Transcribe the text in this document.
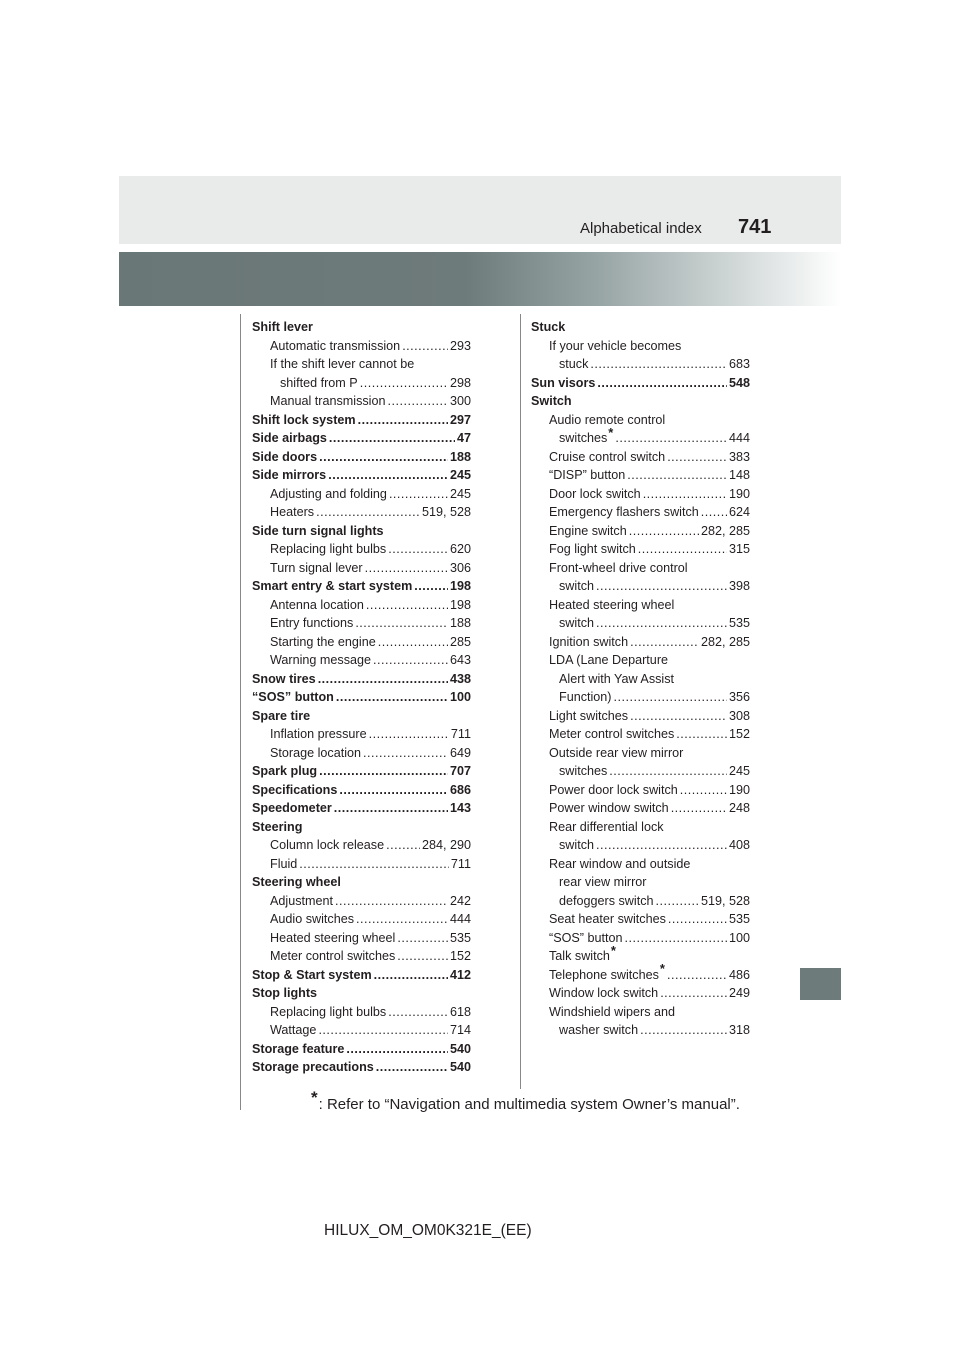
Alphabetical index 741
Shift lever
Automatic transmission .....	293
If the shift lever cannot be
shifted from P .....	298
Manual transmission .....	300
Shift lock system .....	297
Side airbags .....	47
Side doors .....	188
Side mirrors .....	245
Adjusting and folding .....	245
Heaters .....	519, 528
Side turn signal lights
Replacing light bulbs .....	620
Turn signal lever .....	306
Smart entry & start system .....	198
Antenna location .....	198
Entry functions .....	188
Starting the engine .....	285
Warning message .....	643
Snow tires .....	438
“SOS” button .....	100
Spare tire
Inflation pressure .....	711
Storage location .....	649
Spark plug .....	707
Specifications .....	686
Speedometer .....	143
Steering
Column lock release .....	284, 290
Fluid .....	711
Steering wheel
Adjustment .....	242
Audio switches .....	444
Heated steering wheel .....	535
Meter control switches .....	152
Stop & Start system .....	412
Stop lights
Replacing light bulbs .....	618
Wattage .....	714
Storage feature .....	540
Storage precautions .....	540
Stuck
If your vehicle becomes
stuck .....	683
Sun visors .....	548
Switch
Audio remote control
switches* .....	444
Cruise control switch .....	383
“DISP” button .....	148
Door lock switch .....	190
Emergency flashers switch ..... 624
Engine switch .....	282, 285
Fog light switch .....	315
Front-wheel drive control
switch .....	398
Heated steering wheel
switch .....	535
Ignition switch .....	282, 285
LDA (Lane Departure
Alert with Yaw Assist
Function) .....	356
Light switches .....	308
Meter control switches .....	152
Outside rear view mirror
switches .....	245
Power door lock switch .....	190
Power window switch .....	248
Rear differential lock
switch .....	408
Rear window and outside
rear view mirror
defoggers switch .....	519, 528
Seat heater switches .....	535
“SOS” button .....	100
Talk switch*
Telephone switches* .....	486
Window lock switch .....	249
Windshield wipers and
washer switch .....	318
*: Refer to “Navigation and multimedia system Owner’s manual”.
HILUX_OM_OM0K321E_(EE)
